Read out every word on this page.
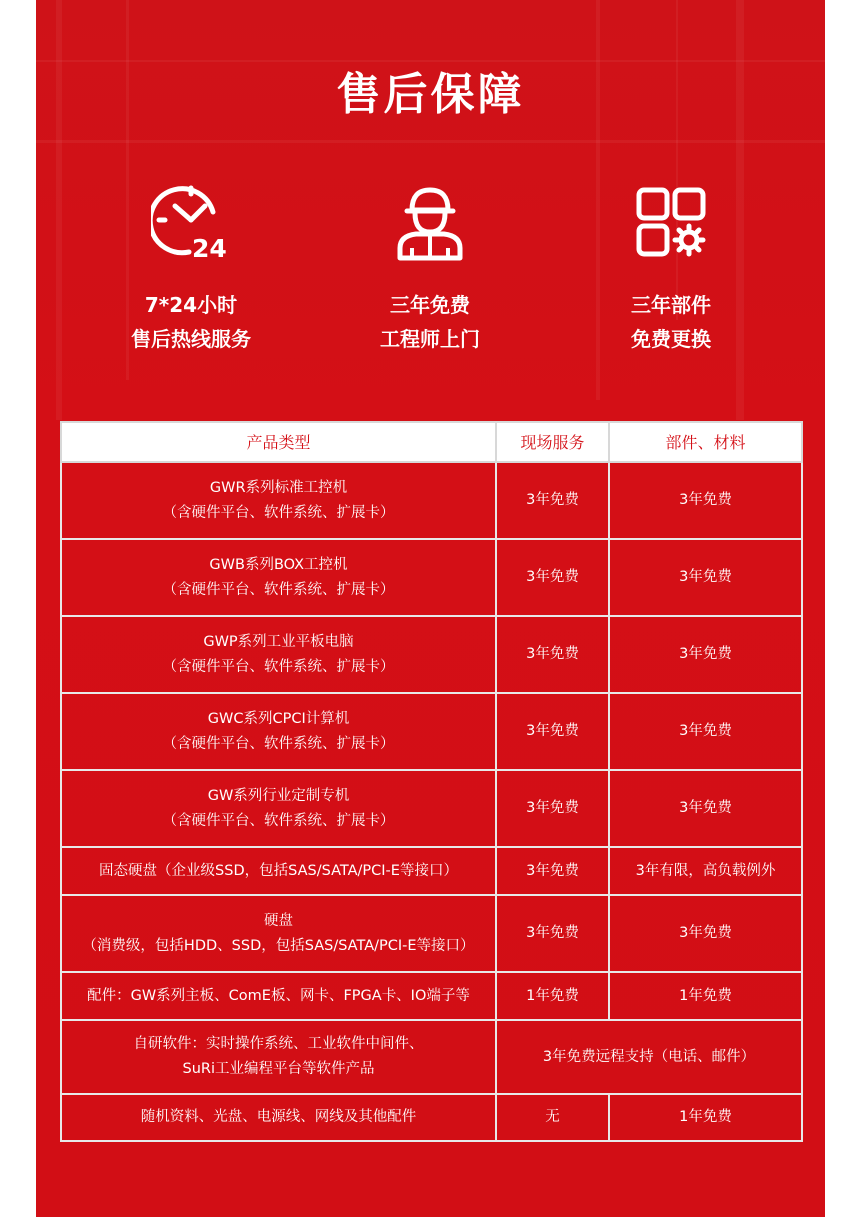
售后保障
24
7*24小时
售后热线服务
三年免费
工程师上门
三年部件
免费更换
产品类型	现场服务	部件、材料

GWR系列标准工控机
（含硬件平台、软件系统、扩展卡）	3年免费	3年免费

GWB系列BOX工控机
（含硬件平台、软件系统、扩展卡）	3年免费	3年免费

GWP系列工业平板电脑
（含硬件平台、软件系统、扩展卡）	3年免费	3年免费

GWC系列CPCI计算机
（含硬件平台、软件系统、扩展卡）	3年免费	3年免费

GW系列行业定制专机
（含硬件平台、软件系统、扩展卡）	3年免费	3年免费

固态硬盘（企业级SSD，包括SAS/SATA/PCI-E等接口）	3年免费	3年有限，高负载例外

硬盘
（消费级，包括HDD、SSD，包括SAS/SATA/PCI-E等接口）	3年免费	3年免费

配件：GW系列主板、ComE板、网卡、FPGA卡、IO端子等	1年免费	1年免费

自研软件：实时操作系统、工业软件中间件、
SuRi工业编程平台等软件产品	3年免费远程支持（电话、邮件）	

随机资料、光盘、电源线、网线及其他配件	无	1年免费
